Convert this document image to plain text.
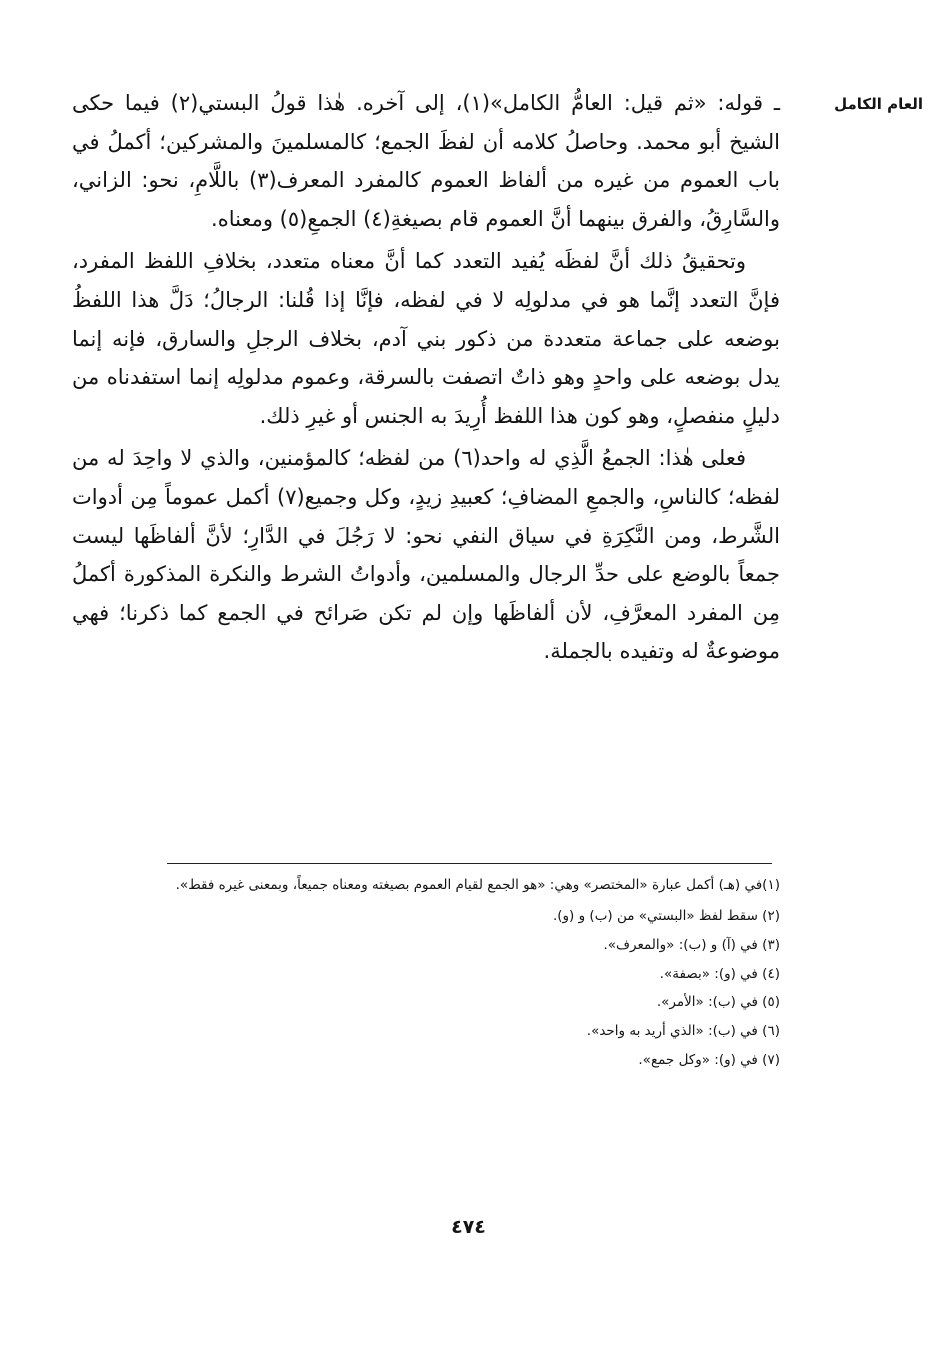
العام الكامل

ـ قوله: «ثم قيل: العامُّ الكامل»(١)، إلى آخره. هٰذا قولُ البستي(٢) فيما حكى الشيخ أبو محمد. وحاصلُ كلامه أن لفظَ الجمع؛ كالمسلمينَ والمشركين؛ أكملُ في باب العموم من غيره من ألفاظ العموم كالمفرد المعرف(٣) باللَّامِ، نحو: الزاني، والسَّارِقُ، والفرق بينهما أنَّ العموم قام بصيغةِ(٤) الجمعِ(٥) ومعناه.

وتحقيقُ ذلك أنَّ لفظَه يُفيد التعدد كما أنَّ معناه متعدد، بخلافِ اللفظ المفرد، فإنَّ التعدد إنَّما هو في مدلولِه لا في لفظه، فإنَّا إذا قُلنا: الرجالُ؛ دَلَّ هذا اللفظُ بوضعه على جماعة متعددة من ذكور بني آدم، بخلاف الرجلِ والسارق، فإنه إنما يدل بوضعه على واحدٍ وهو ذاتٌ اتصفت بالسرقة، وعموم مدلولِه إنما استفدناه من دليلٍ منفصلٍ، وهو كون هذا اللفظ أُرِيدَ به الجنس أو غيرِ ذلك.

فعلى هٰذا: الجمعُ الَّذِي له واحد(٦) من لفظه؛ كالمؤمنين، والذي لا واحِدَ له من لفظه؛ كالناسِ، والجمعِ المضافِ؛ كعبيدِ زيدٍ، وكل وجميع(٧) أكمل عموماً مِن أدوات الشَّرط، ومن النَّكِرَةِ في سياق النفي نحو: لا رَجُلَ في الدَّارِ؛ لأنَّ ألفاظَها ليست جمعاً بالوضع على حدِّ الرجال والمسلمين، وأدواتُ الشرط والنكرة المذكورة أكملُ مِن المفرد المعرَّفِ، لأن ألفاظَها وإن لم تكن صَرائح في الجمع كما ذكرنا؛ فهي موضوعةٌ له وتفيده بالجملة.

(١)في (هـ) أكمل عبارة «المختصر» وهي: «هو الجمع لقيام العموم بصيغته ومعناه جميعاً، وبمعنى غيره فقط».

(٢) سقط لفظ «البستي» من (ب) و (و).

(٣) في (آ) و (ب): «والمعرف».

(٤) في (و): «بصفة».

(٥) في (ب): «الأمر».

(٦) في (ب): «الذي أريد به واحد».

(٧) في (و): «وكل جمع».

٤٧٤
